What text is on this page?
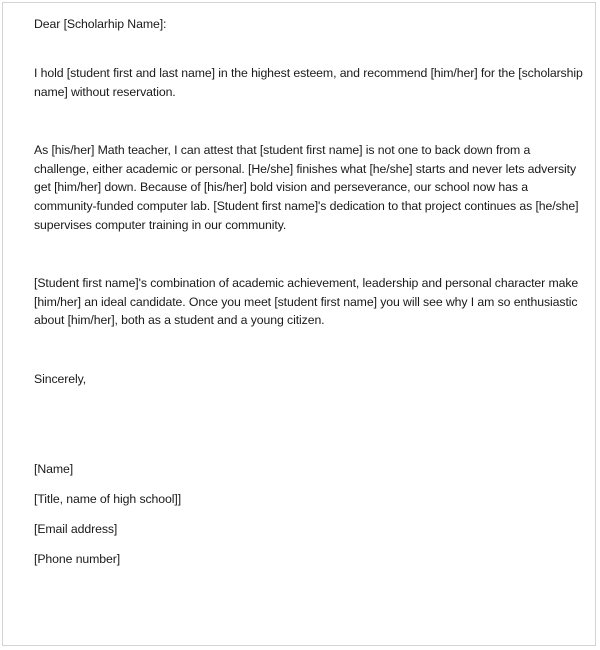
Dear [Scholarhip Name]:
I hold [student first and last name] in the highest esteem, and recommend [him/her] for the [scholarship
name] without reservation.
As [his/her] Math teacher, I can attest that [student first name] is not one to back down from a
challenge, either academic or personal. [He/she] finishes what [he/she] starts and never lets adversity
get [him/her] down. Because of [his/her] bold vision and perseverance, our school now has a
community-funded computer lab. [Student first name]'s dedication to that project continues as [he/she]
supervises computer training in our community.
[Student first name]'s combination of academic achievement, leadership and personal character make
[him/her] an ideal candidate. Once you meet [student first name] you will see why I am so enthusiastic
about [him/her], both as a student and a young citizen.
Sincerely,
[Name]
[Title, name of high school]]
[Email address]
[Phone number]
